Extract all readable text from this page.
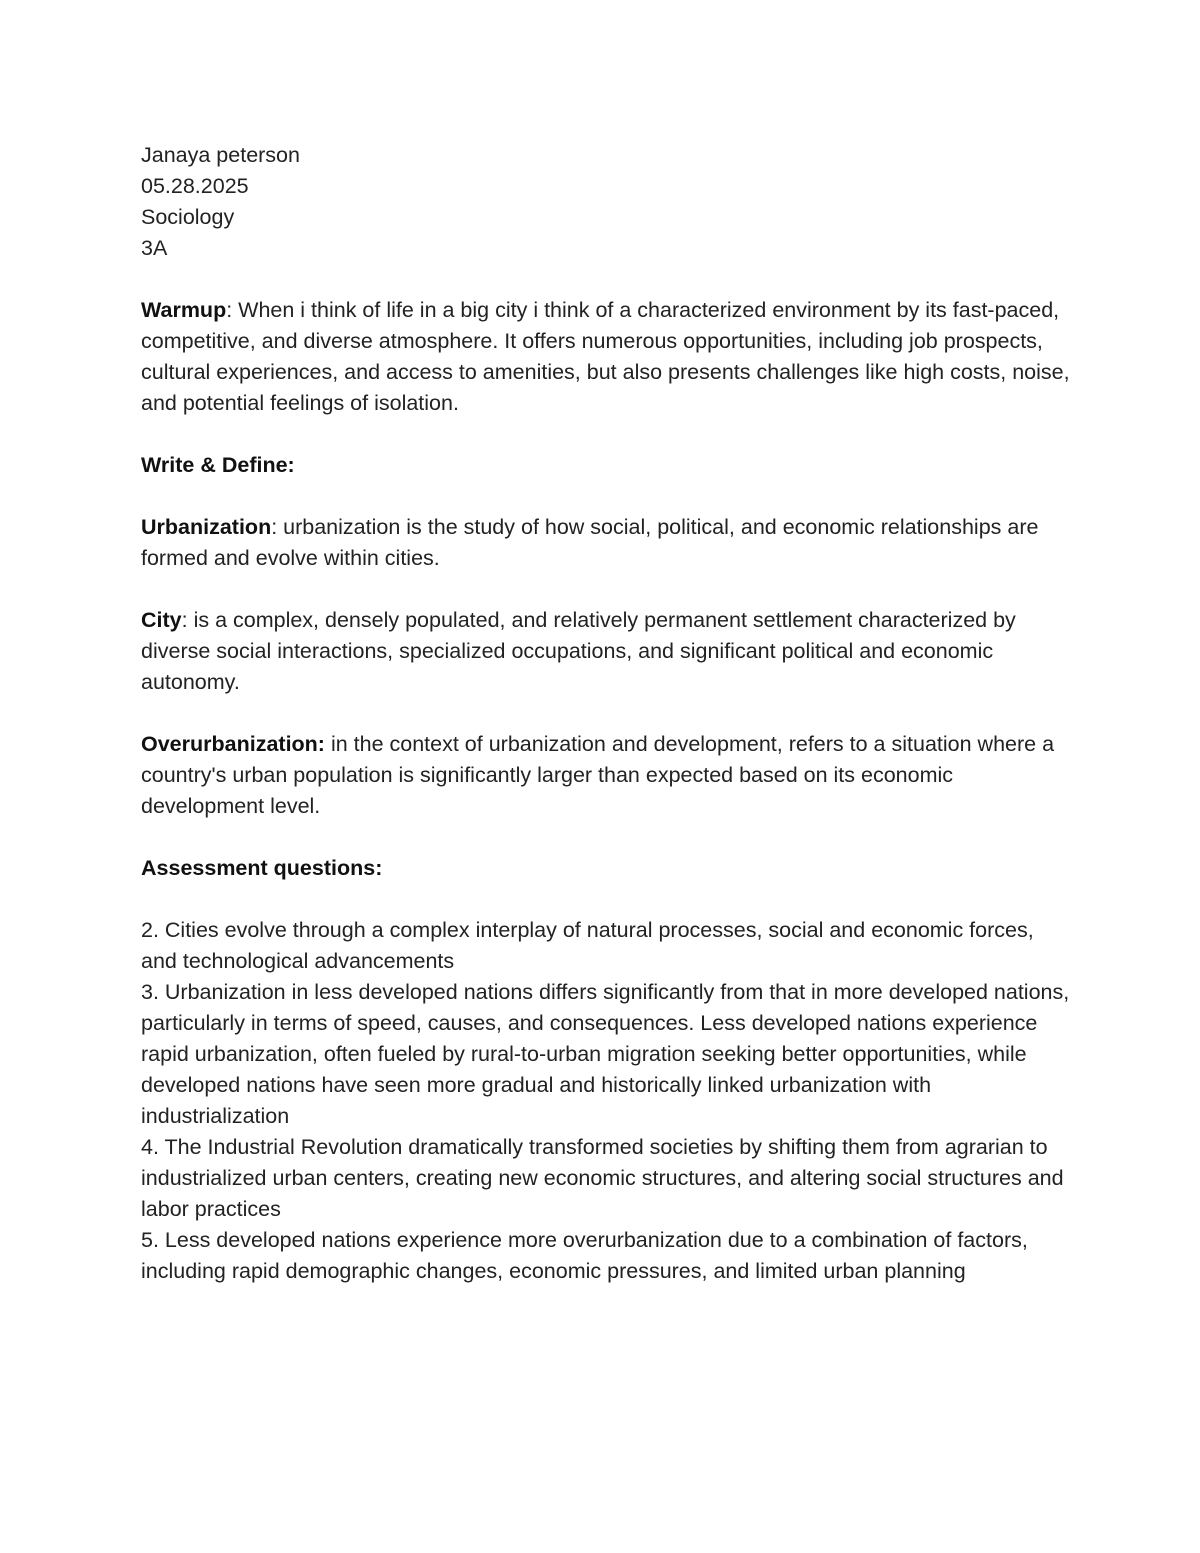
Janaya peterson
05.28.2025
Sociology
3A

Warmup: When i think of life in a big city i think of a characterized environment by its fast-paced, competitive, and diverse atmosphere. It offers numerous opportunities, including job prospects, cultural experiences, and access to amenities, but also presents challenges like high costs, noise, and potential feelings of isolation.

Write & Define:

Urbanization: urbanization is the study of how social, political, and economic relationships are formed and evolve within cities.

City: is a complex, densely populated, and relatively permanent settlement characterized by diverse social interactions, specialized occupations, and significant political and economic autonomy.

Overurbanization: in the context of urbanization and development, refers to a situation where a country's urban population is significantly larger than expected based on its economic development level.

Assessment questions:

2. Cities evolve through a complex interplay of natural processes, social and economic forces, and technological advancements

3. Urbanization in less developed nations differs significantly from that in more developed nations, particularly in terms of speed, causes, and consequences. Less developed nations experience rapid urbanization, often fueled by rural-to-urban migration seeking better opportunities, while developed nations have seen more gradual and historically linked urbanization with industrialization

4. The Industrial Revolution dramatically transformed societies by shifting them from agrarian to industrialized urban centers, creating new economic structures, and altering social structures and labor practices

5. Less developed nations experience more overurbanization due to a combination of factors, including rapid demographic changes, economic pressures, and limited urban planning
